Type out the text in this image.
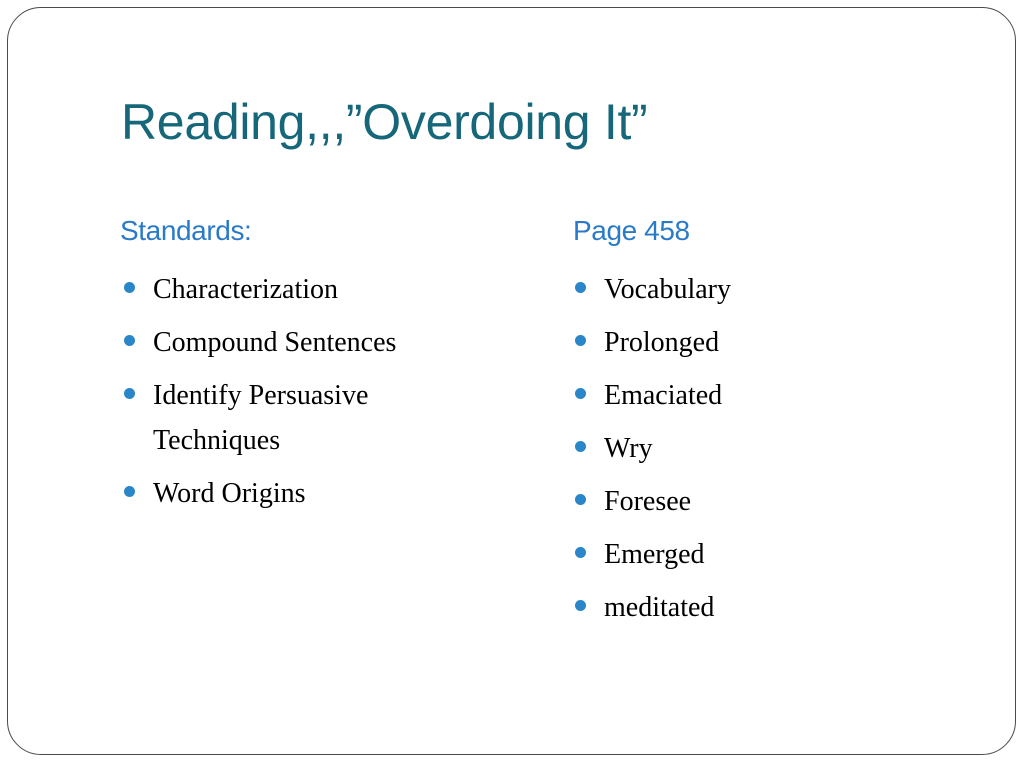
Reading,,,”Overdoing It”
Standards:	Page 458
Characterization
Compound Sentences
Identify Persuasive Techniques
Word Origins
Vocabulary
Prolonged
Emaciated
Wry
Foresee
Emerged
meditated
